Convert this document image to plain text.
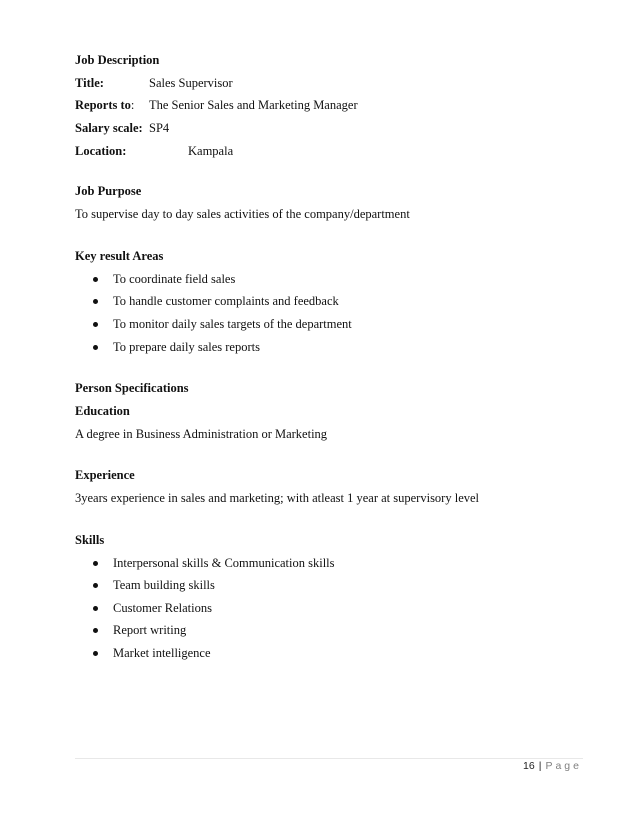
Job Description
Title:	Sales Supervisor
Reports to: The Senior Sales and Marketing Manager
Salary scale: SP4
Location:	Kampala
Job Purpose
To supervise day to day sales activities of the company/department
Key result Areas
To coordinate field sales
To handle customer complaints and feedback
To monitor daily sales targets of the department
To prepare daily sales reports
Person Specifications
Education
A degree in Business Administration or Marketing
Experience
3years experience in sales and marketing; with atleast 1 year at supervisory level
Skills
Interpersonal skills & Communication skills
Team building skills
Customer Relations
Report writing
Market intelligence
16 | Page
